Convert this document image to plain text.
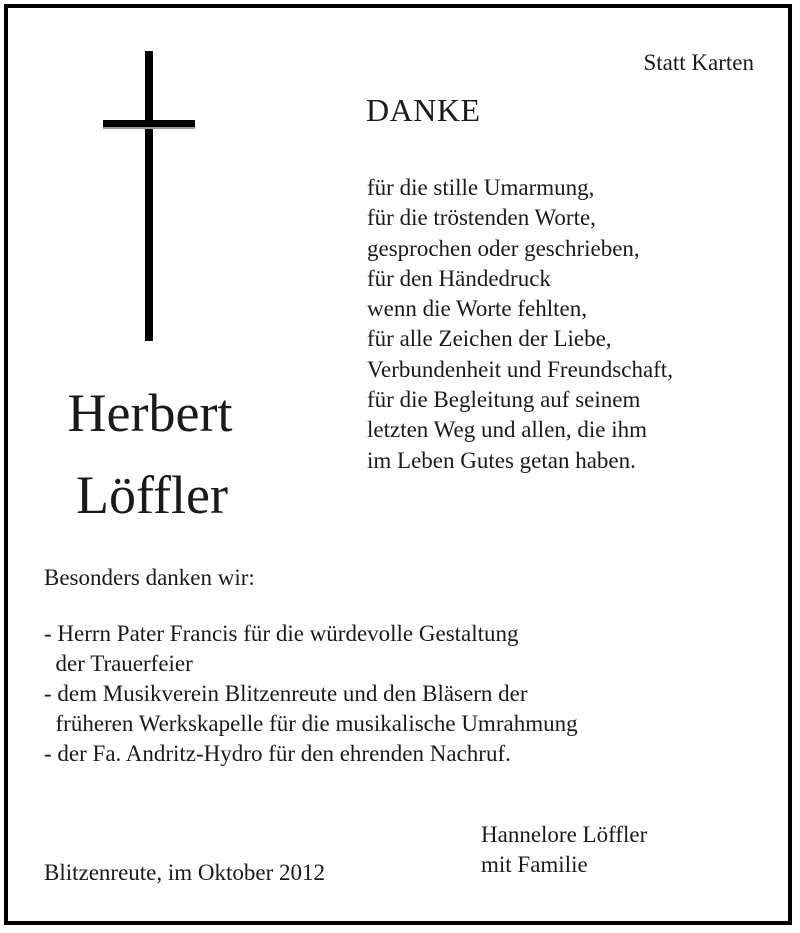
Statt Karten
DANKE
für die stille Umarmung,
für die tröstenden Worte,
gesprochen oder geschrieben,
für den Händedruck
wenn die Worte fehlten,
für alle Zeichen der Liebe,
Verbundenheit und Freundschaft,
für die Begleitung auf seinem
letzten Weg und allen, die ihm
im Leben Gutes getan haben.
Herbert
Löffler
Besonders danken wir:
- Herrn Pater Francis für die würdevolle Gestaltung
der Trauerfeier
- dem Musikverein Blitzenreute und den Bläsern der
früheren Werkskapelle für die musikalische Umrahmung
- der Fa. Andritz-Hydro für den ehrenden Nachruf.
Blitzenreute, im Oktober 2012
Hannelore Löffler
mit Familie
